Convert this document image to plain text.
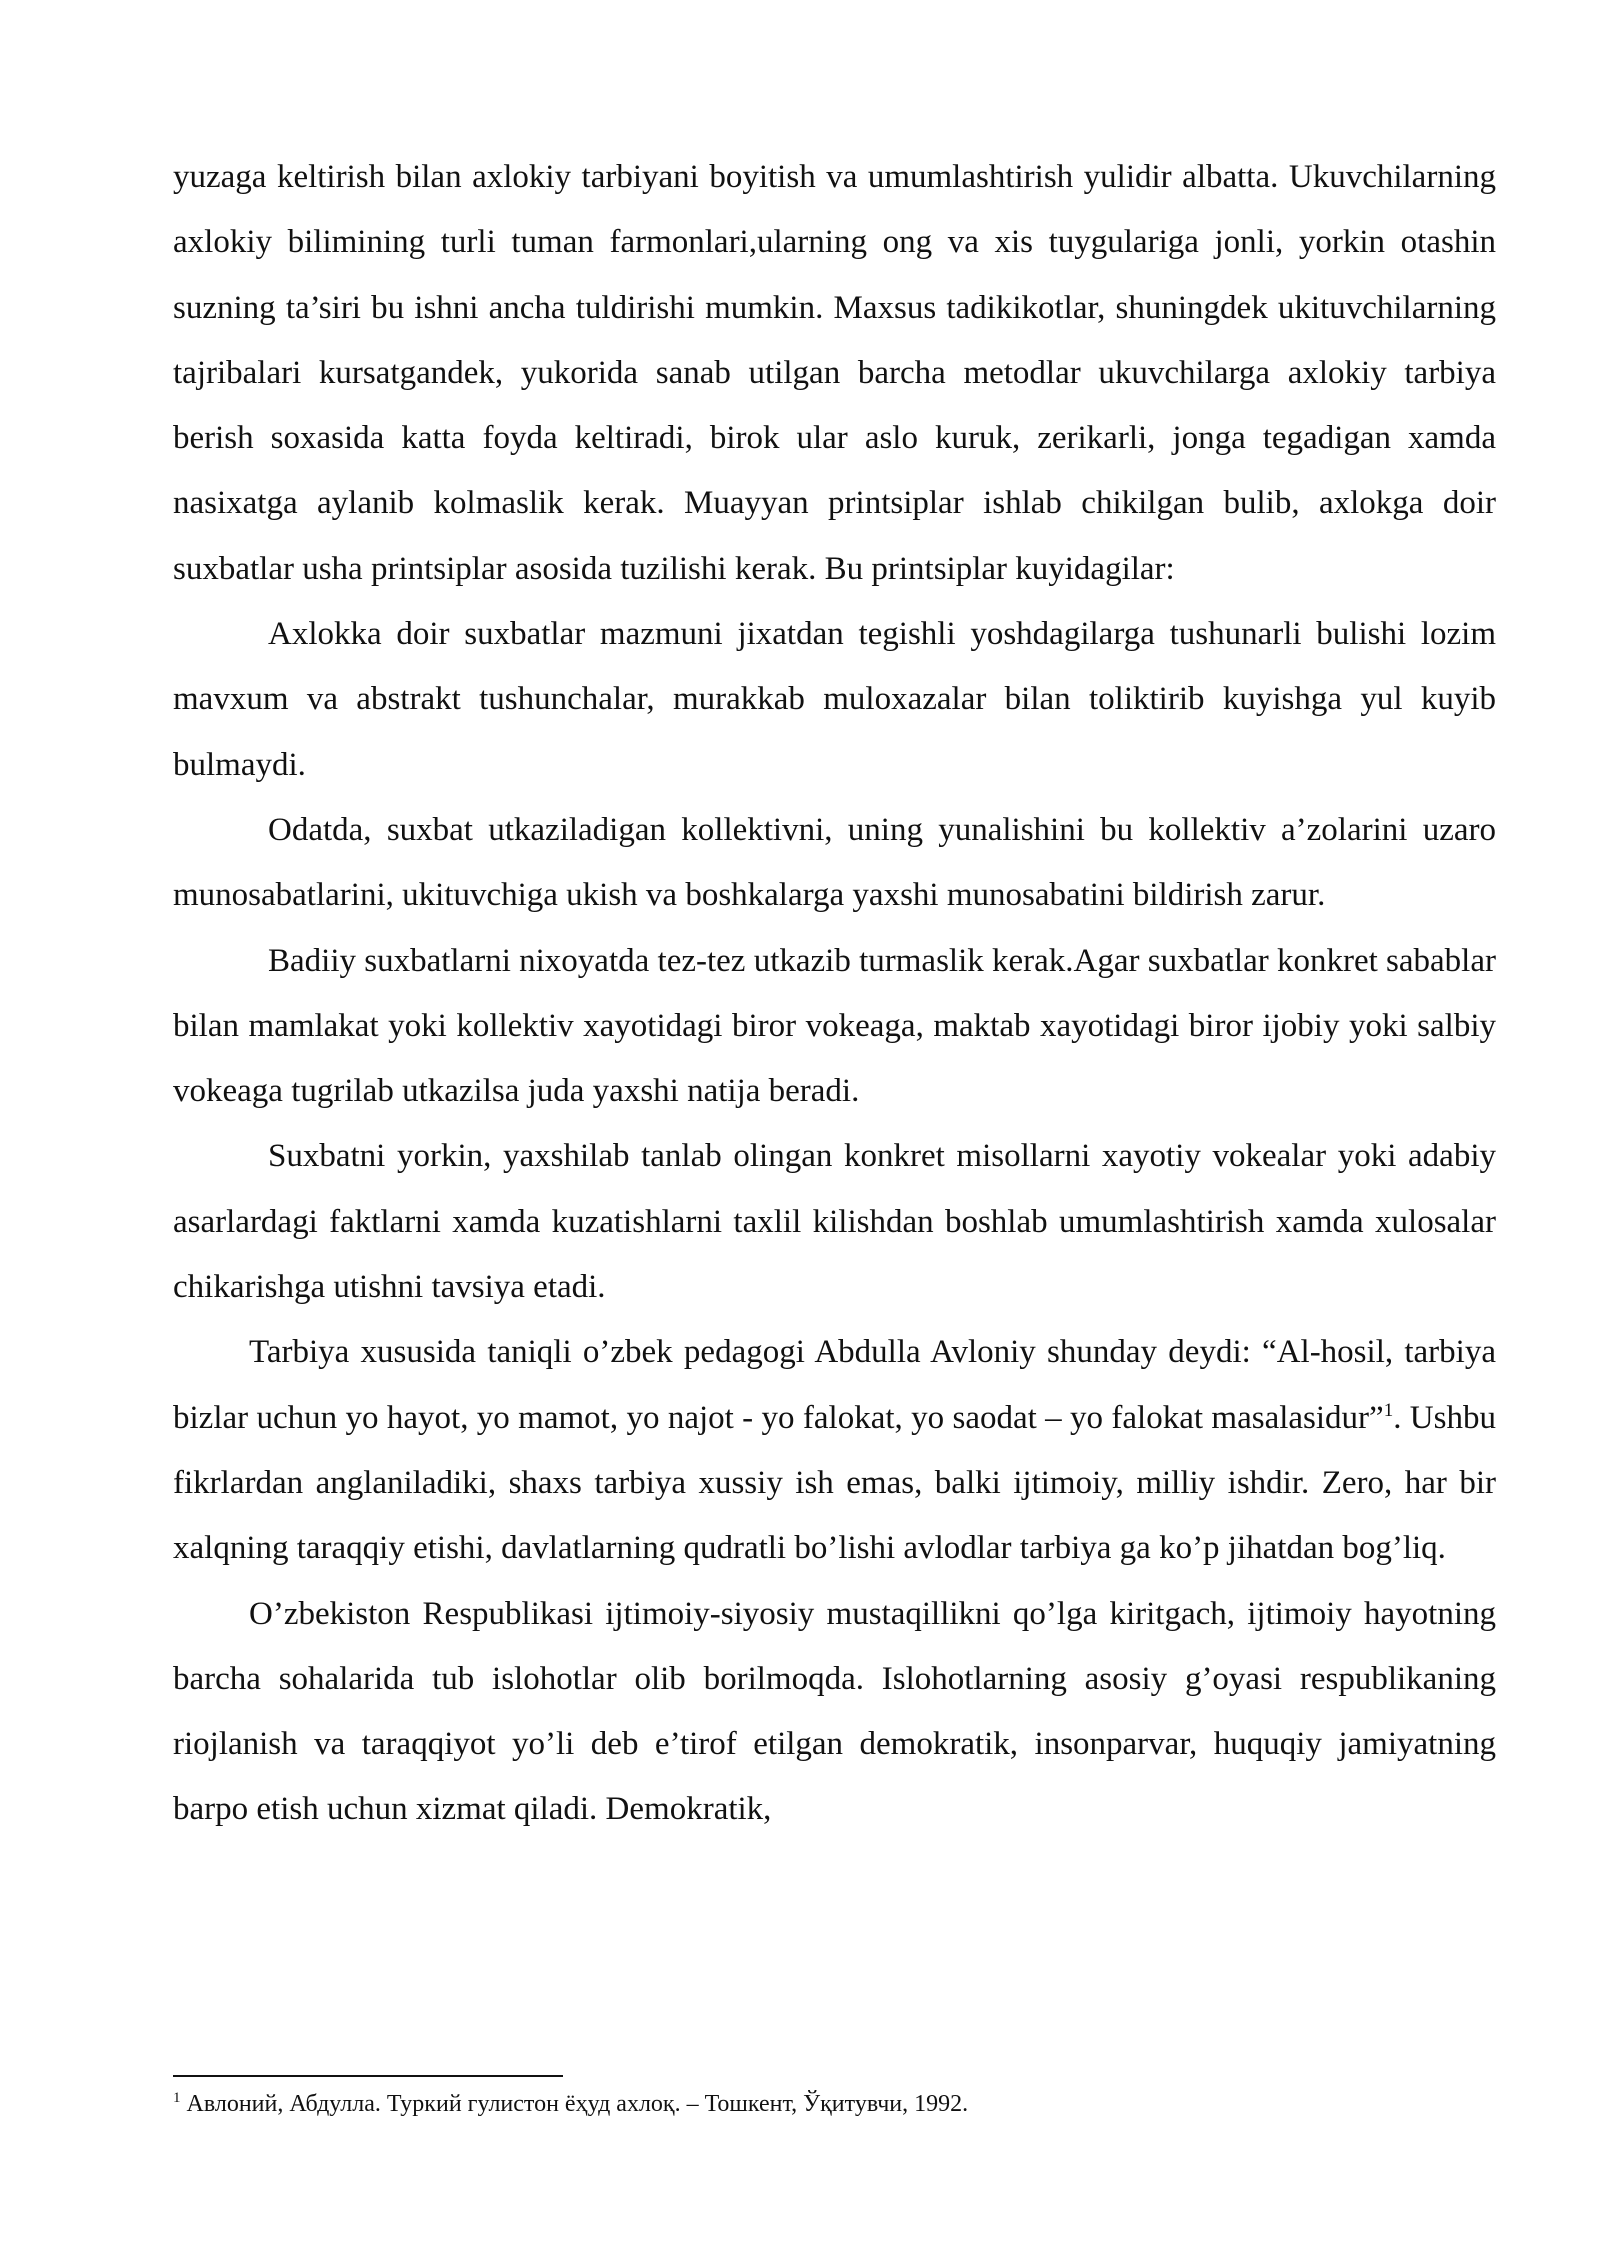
yuzaga keltirish bilan axlokiy tarbiyani boyitish va umumlashtirish yulidir albatta. Ukuvchilarning axlokiy bilimining turli tuman farmonlari,ularning ong va xis tuygulariga jonli, yorkin otashin suzning ta’siri bu ishni ancha tuldirishi mumkin. Maxsus tadikikotlar, shuningdek ukituvchilarning tajribalari kursatgandek, yukorida sanab utilgan barcha metodlar ukuvchilarga axlokiy tarbiya berish soxasida katta foyda keltiradi, birok ular aslo kuruk, zerikarli, jonga tegadigan xamda nasixatga aylanib kolmaslik kerak. Muayyan printsiplar ishlab chikilgan bulib, axlokga doir suxbatlar usha printsiplar asosida tuzilishi kerak. Bu printsiplar kuyidagilar:

Axlokka doir suxbatlar mazmuni jixatdan tegishli yoshdagilarga tushunarli bulishi lozim mavxum va abstrakt tushunchalar, murakkab muloxazalar bilan toliktirib kuyishga yul kuyib bulmaydi.

Odatda, suxbat utkaziladigan kollektivni, uning yunalishini bu kollektiv a’zolarini uzaro munosabatlarini, ukituvchiga ukish va boshkalarga yaxshi munosabatini bildirish zarur.

Badiiy suxbatlarni nixoyatda tez-tez utkazib turmaslik kerak.Agar suxbatlar konkret sabablar bilan mamlakat yoki kollektiv xayotidagi biror vokeaga, maktab xayotidagi biror ijobiy yoki salbiy vokeaga tugrilab utkazilsa juda yaxshi natija beradi.

Suxbatni yorkin, yaxshilab tanlab olingan konkret misollarni xayotiy vokealar yoki adabiy asarlardagi faktlarni xamda kuzatishlarni taxlil kilishdan boshlab umumlashtirish xamda xulosalar chikarishga utishni tavsiya etadi.

Tarbiya xususida taniqli o’zbek pedagogi Abdulla Avloniy shunday deydi: “Al-hosil, tarbiya bizlar uchun yo hayot, yo mamot, yo najot - yo falokat, yo saodat – yo falokat masalasidur”$^1$. Ushbu fikrlardan anglaniladiki, shaxs tarbiya xussiy ish emas, balki ijtimoiy, milliy ishdir. Zero, har bir xalqning taraqqiy etishi, davlatlarning qudratli bo’lishi avlodlar tarbiya ga ko’p jihatdan bog’liq.

O’zbekiston Respublikasi ijtimoiy-siyosiy mustaqillikni qo’lga kiritgach, ijtimoiy hayotning barcha sohalarida tub islohotlar olib borilmoqda. Islohotlarning asosiy g’oyasi respublikaning riojlanish va taraqqiyot yo’li deb e’tirof etilgan demokratik, insonparvar, huquqiy jamiyatning barpo etish uchun xizmat qiladi. Demokratik,

$^1$ Авлоний, Абдулла. Туркий гулистон ёҳуд ахлоқ. – Тошкент, Ўқитувчи, 1992.
